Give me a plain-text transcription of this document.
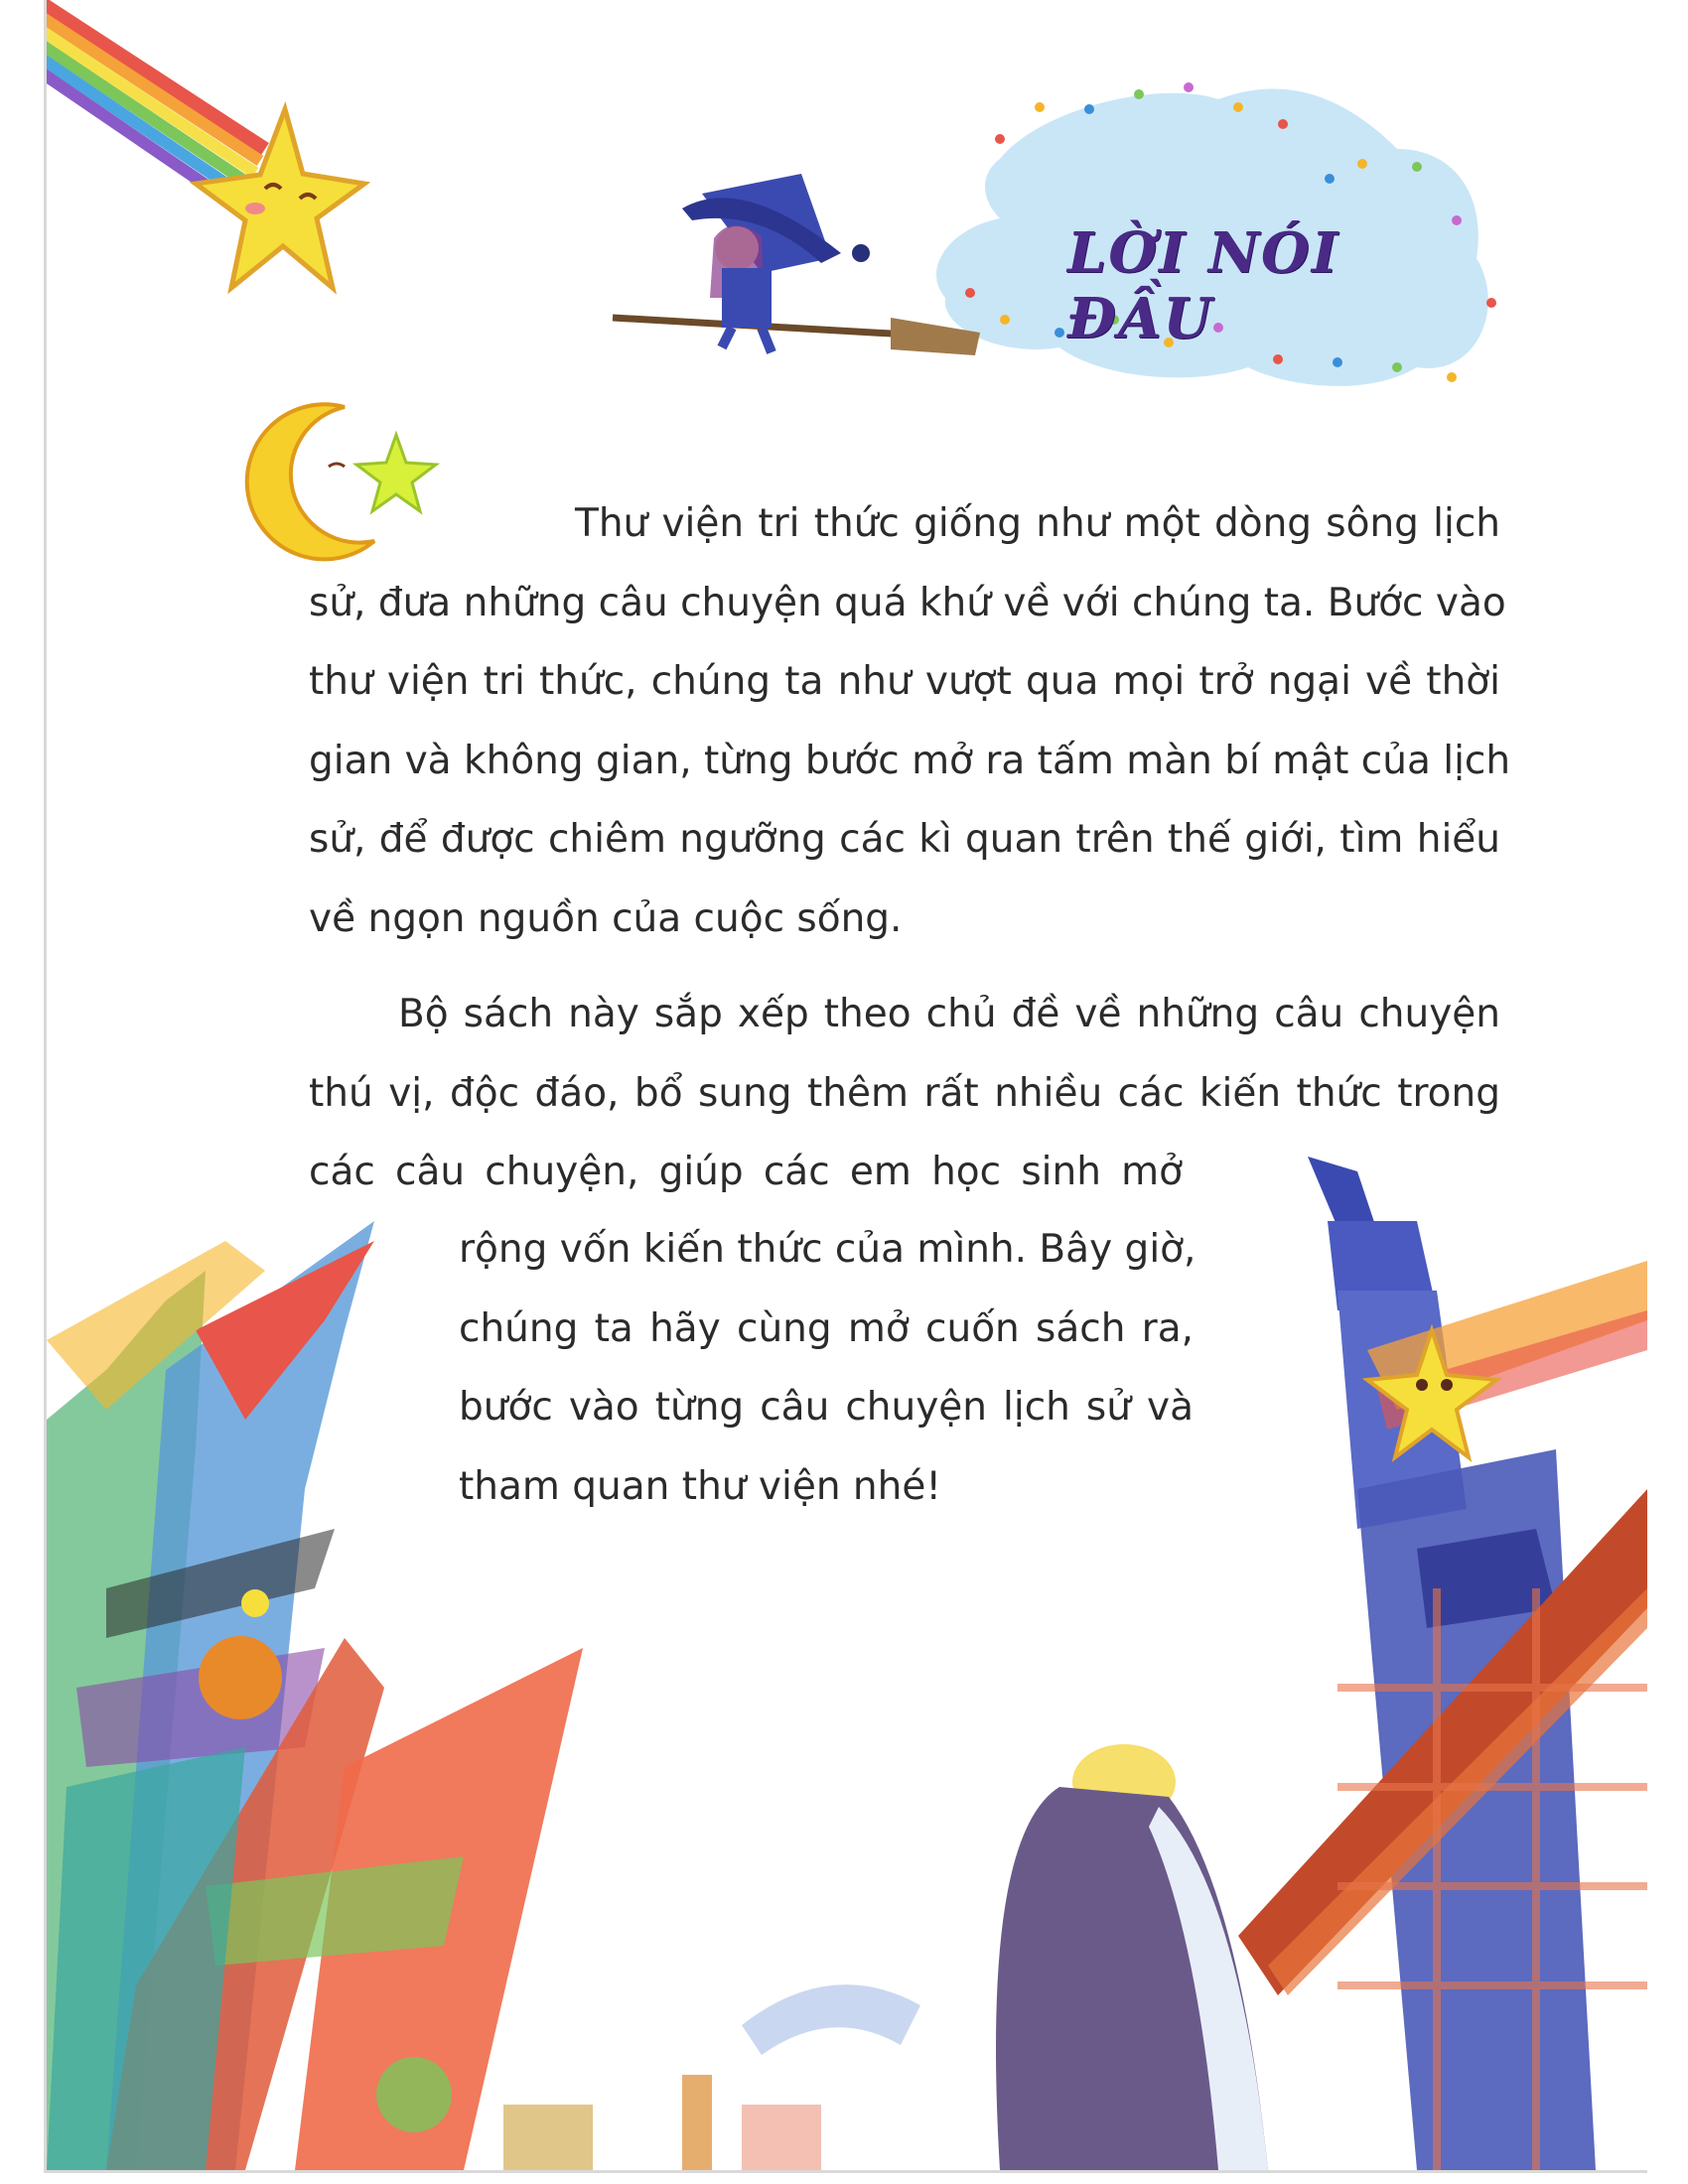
LỜI NÓI ĐẦU
Thư viện tri thức giống như một dòng sông lịch
sử, đưa những câu chuyện quá khứ về với chúng ta. Bước vào
thư viện tri thức, chúng ta như vượt qua mọi trở ngại về thời
gian và không gian, từng bước mở ra tấm màn bí mật của lịch
sử, để được chiêm ngưỡng các kì quan trên thế giới, tìm hiểu
về ngọn nguồn của cuộc sống.
Bộ sách này sắp xếp theo chủ đề về những câu chuyện
thú vị, độc đáo, bổ sung thêm rất nhiều các kiến thức trong
các câu chuyện, giúp các em học sinh mở
rộng vốn kiến thức của mình. Bây giờ,
chúng ta hãy cùng mở cuốn sách ra,
bước vào từng câu chuyện lịch sử và
tham quan thư viện nhé!
